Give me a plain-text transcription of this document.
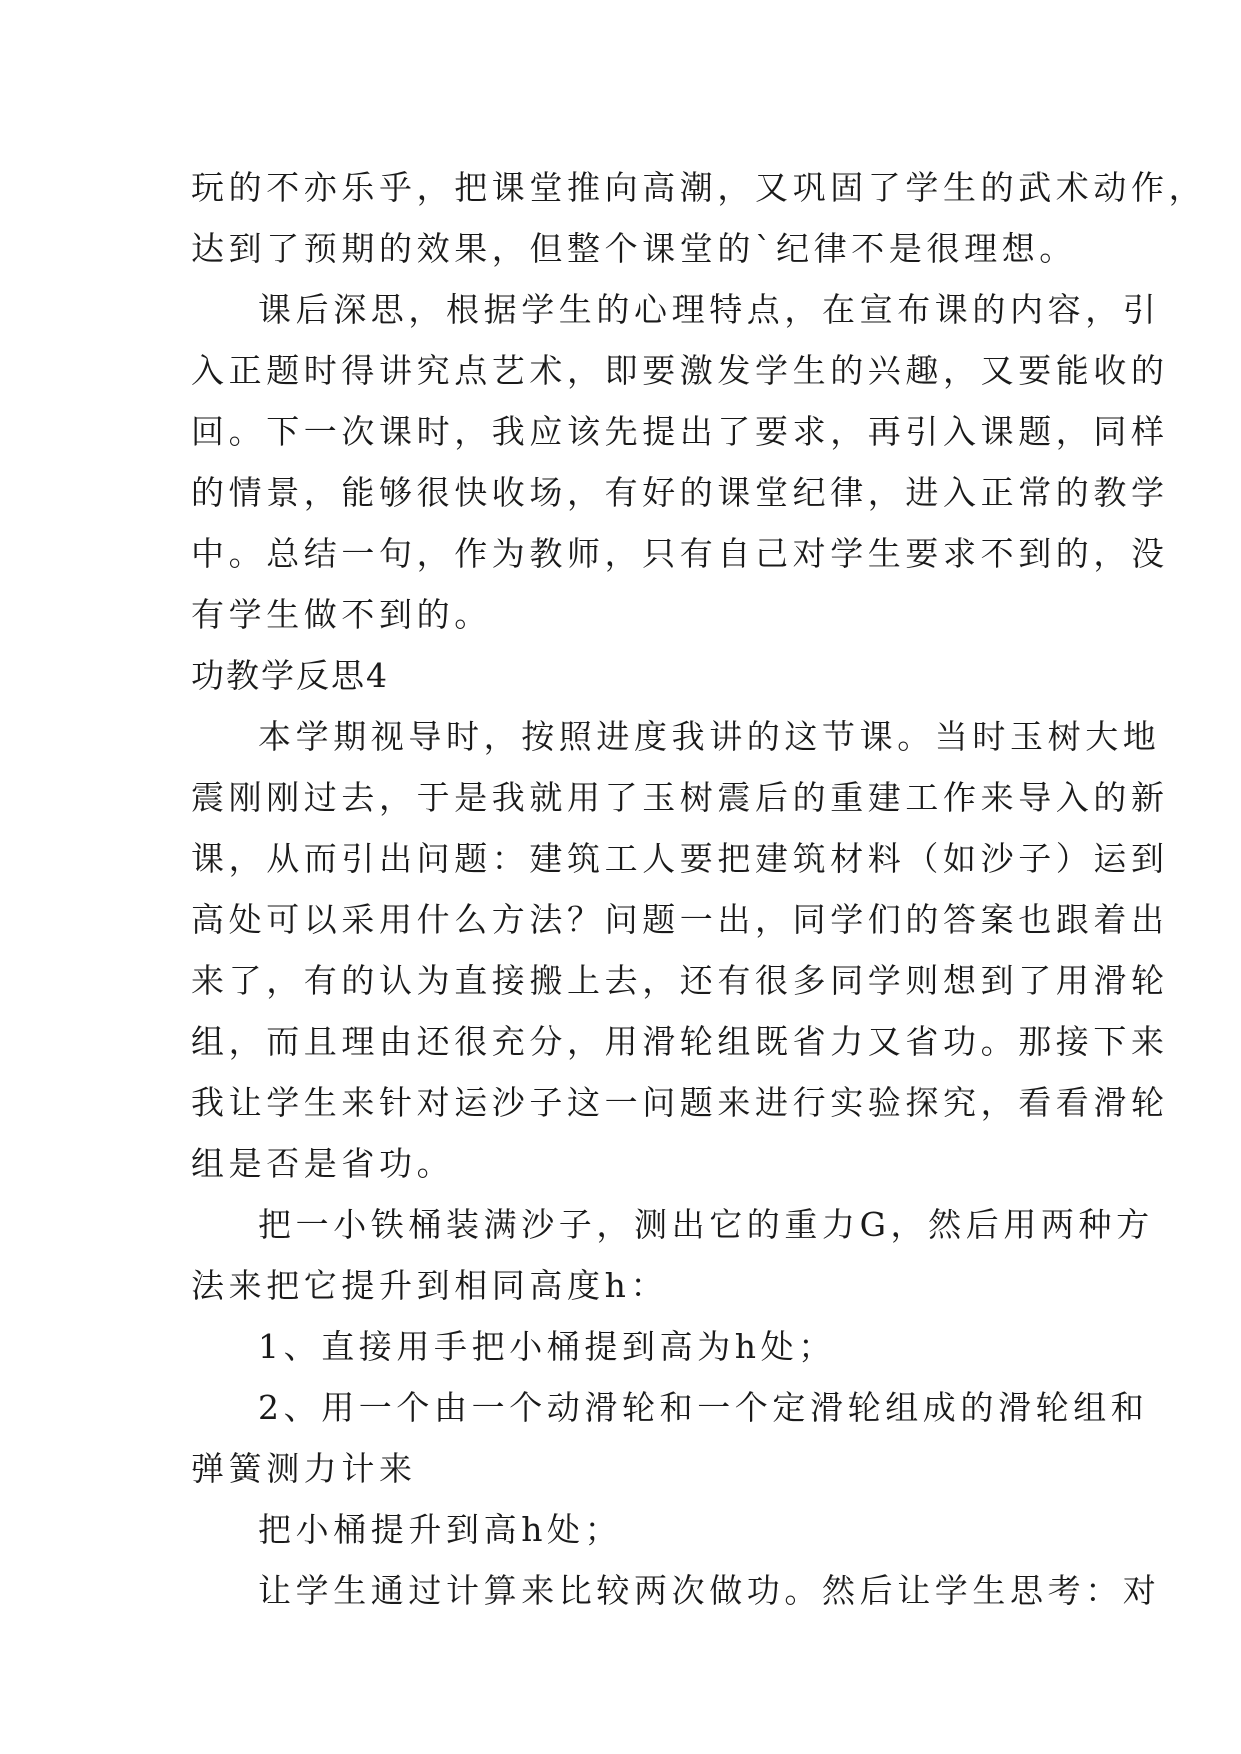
玩的不亦乐乎，把课堂推向高潮，又巩固了学生的武术动作，
达到了预期的效果，但整个课堂的`纪律不是很理想。
课后深思，根据学生的心理特点，在宣布课的内容，引
入正题时得讲究点艺术，即要激发学生的兴趣，又要能收的
回。下一次课时，我应该先提出了要求，再引入课题，同样
的情景，能够很快收场，有好的课堂纪律，进入正常的教学
中。总结一句，作为教师，只有自己对学生要求不到的，没
有学生做不到的。
功教学反思4
本学期视导时，按照进度我讲的这节课。当时玉树大地
震刚刚过去，于是我就用了玉树震后的重建工作来导入的新
课，从而引出问题：建筑工人要把建筑材料（如沙子）运到
高处可以采用什么方法？问题一出，同学们的答案也跟着出
来了，有的认为直接搬上去，还有很多同学则想到了用滑轮
组，而且理由还很充分，用滑轮组既省力又省功。那接下来
我让学生来针对运沙子这一问题来进行实验探究，看看滑轮
组是否是省功。
把一小铁桶装满沙子，测出它的重力G，然后用两种方
法来把它提升到相同高度h：
1、直接用手把小桶提到高为h处；
2、用一个由一个动滑轮和一个定滑轮组成的滑轮组和
弹簧测力计来
把小桶提升到高h处；
让学生通过计算来比较两次做功。然后让学生思考：对
